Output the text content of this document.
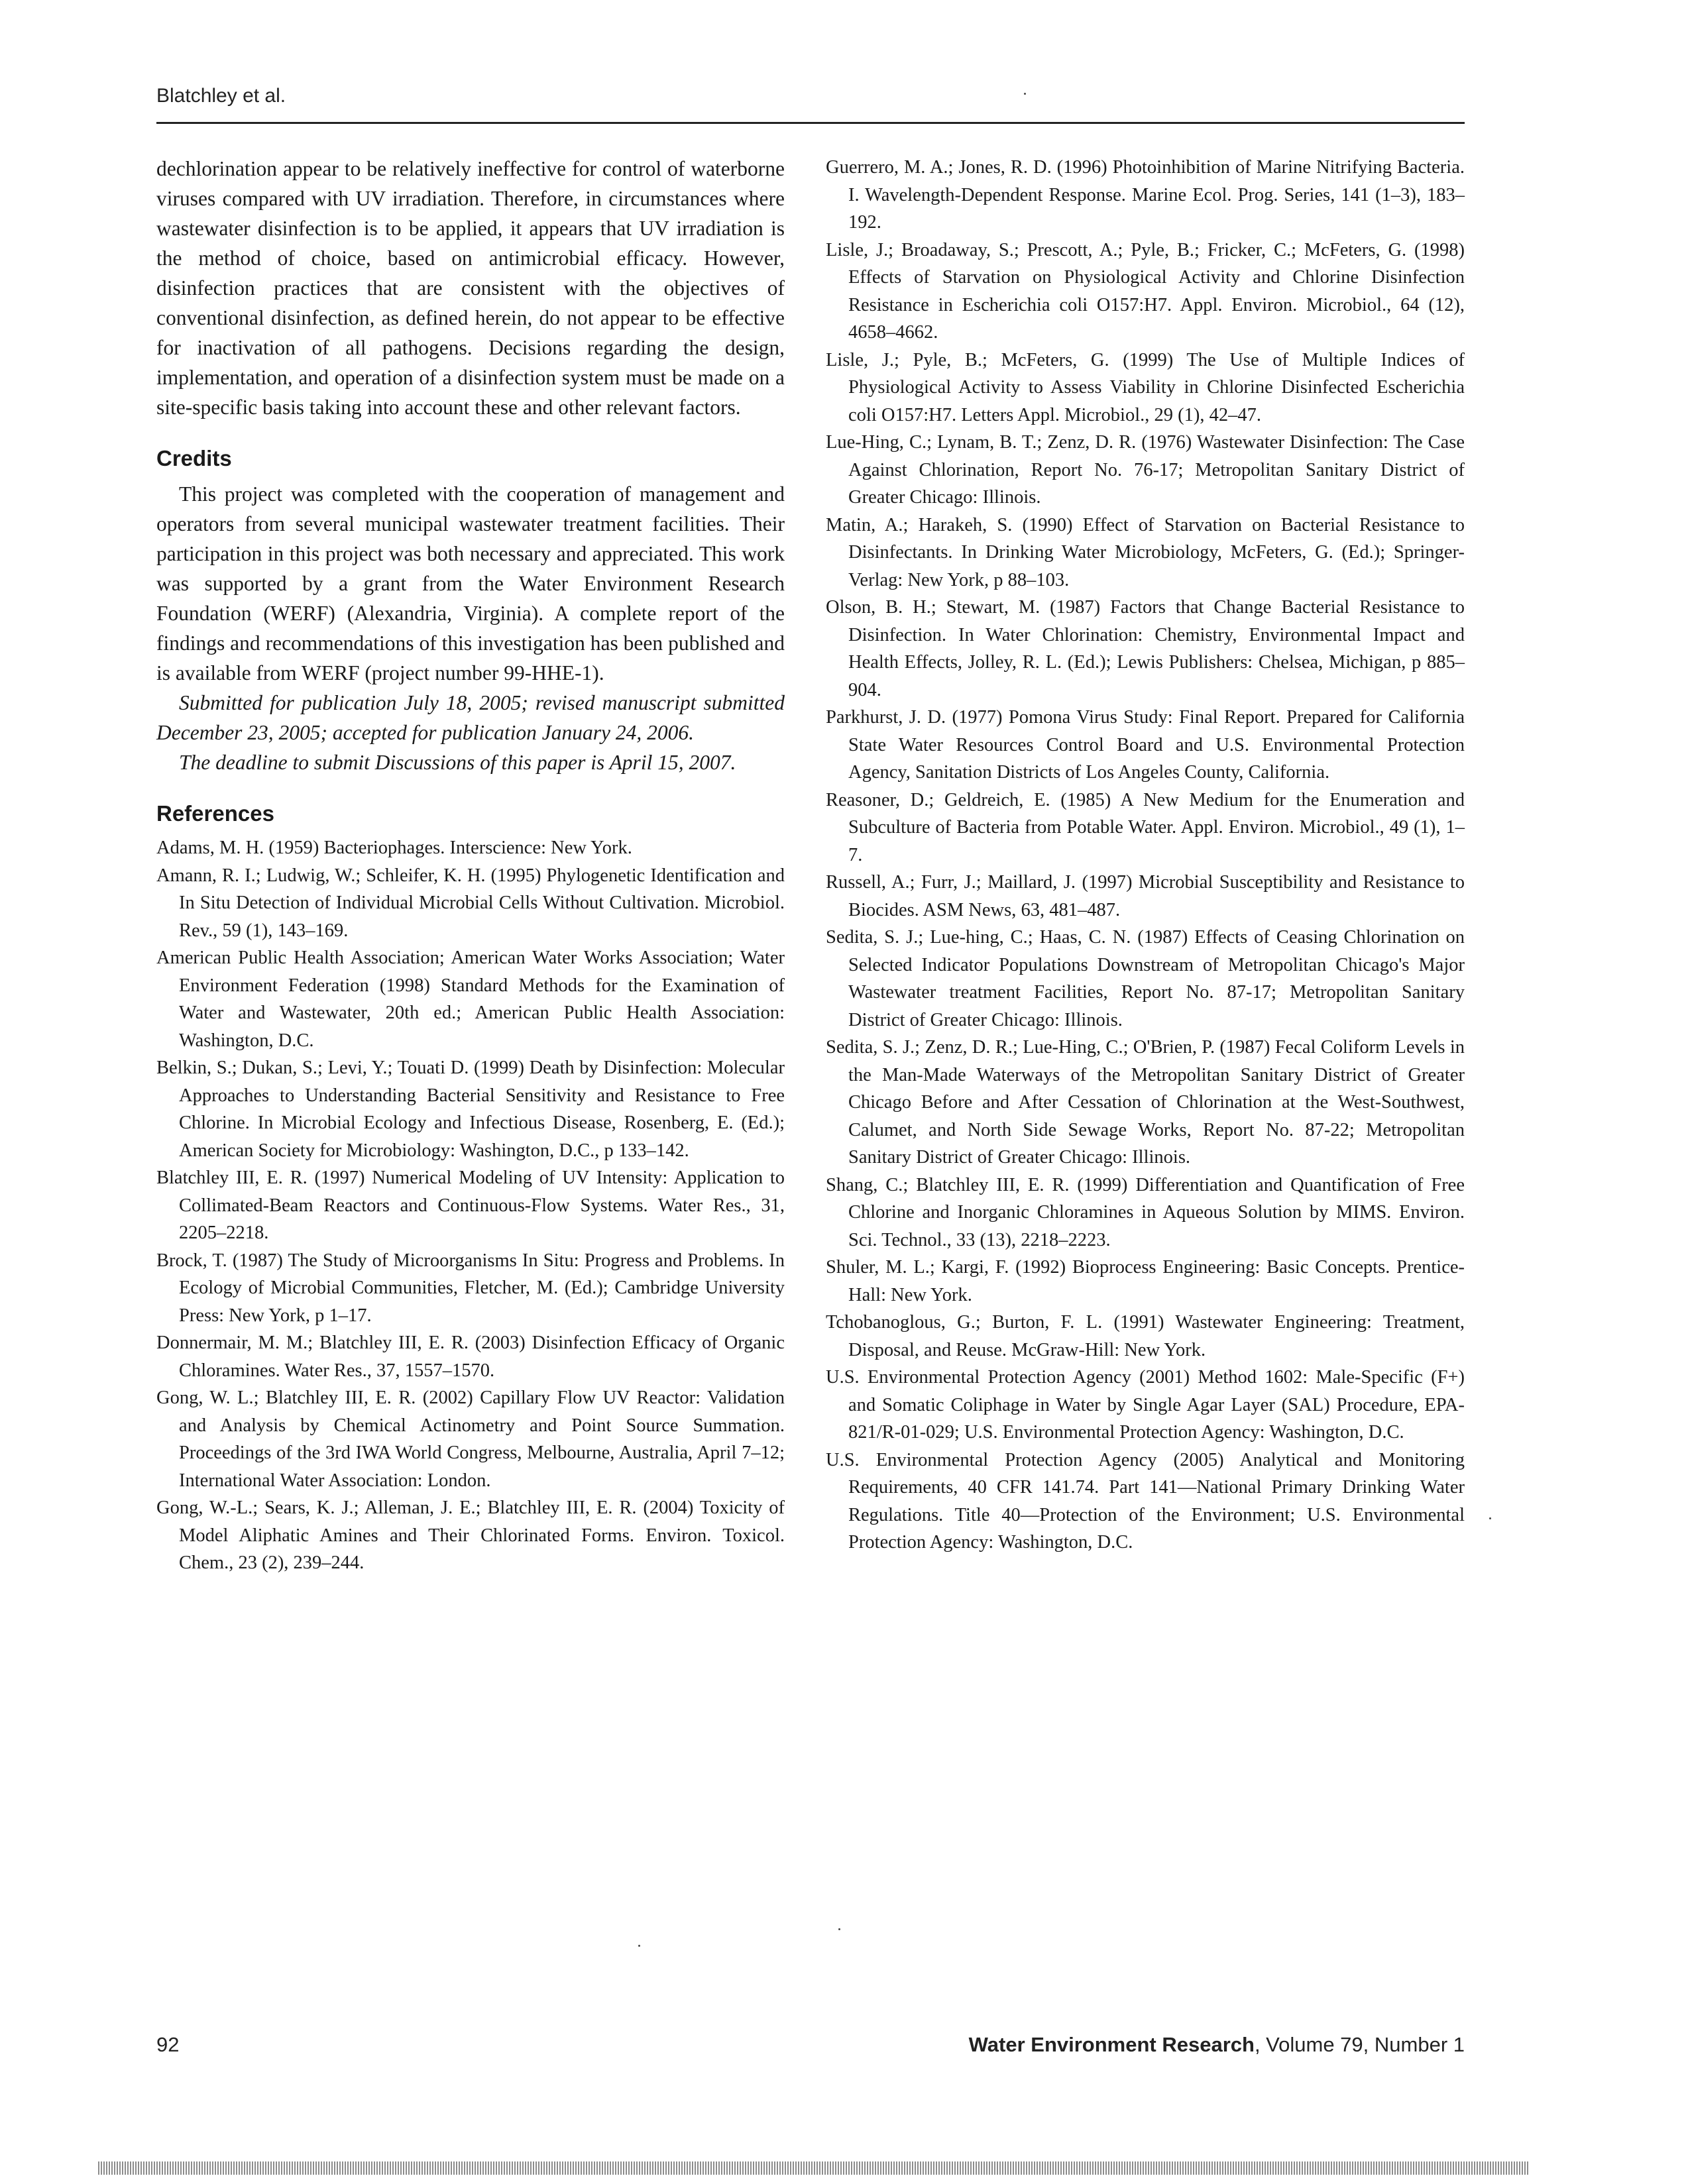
Blatchley et al.

dechlorination appear to be relatively ineffective for control of waterborne viruses compared with UV irradiation. Therefore, in circumstances where wastewater disinfection is to be applied, it appears that UV irradiation is the method of choice, based on antimicrobial efficacy. However, disinfection practices that are consistent with the objectives of conventional disinfection, as defined herein, do not appear to be effective for inactivation of all pathogens. Decisions regarding the design, implementation, and operation of a disinfection system must be made on a site-specific basis taking into account these and other relevant factors.

Credits

This project was completed with the cooperation of management and operators from several municipal wastewater treatment facilities. Their participation in this project was both necessary and appreciated. This work was supported by a grant from the Water Environment Research Foundation (WERF) (Alexandria, Virginia). A complete report of the findings and recommendations of this investigation has been published and is available from WERF (project number 99-HHE-1).

Submitted for publication July 18, 2005; revised manuscript submitted December 23, 2005; accepted for publication January 24, 2006.

The deadline to submit Discussions of this paper is April 15, 2007.

References

Adams, M. H. (1959) Bacteriophages. Interscience: New York.

Amann, R. I.; Ludwig, W.; Schleifer, K. H. (1995) Phylogenetic Identification and In Situ Detection of Individual Microbial Cells Without Cultivation. Microbiol. Rev., 59 (1), 143–169.

American Public Health Association; American Water Works Association; Water Environment Federation (1998) Standard Methods for the Examination of Water and Wastewater, 20th ed.; American Public Health Association: Washington, D.C.

Belkin, S.; Dukan, S.; Levi, Y.; Touati D. (1999) Death by Disinfection: Molecular Approaches to Understanding Bacterial Sensitivity and Resistance to Free Chlorine. In Microbial Ecology and Infectious Disease, Rosenberg, E. (Ed.); American Society for Microbiology: Washington, D.C., p 133–142.

Blatchley III, E. R. (1997) Numerical Modeling of UV Intensity: Application to Collimated-Beam Reactors and Continuous-Flow Systems. Water Res., 31, 2205–2218.

Brock, T. (1987) The Study of Microorganisms In Situ: Progress and Problems. In Ecology of Microbial Communities, Fletcher, M. (Ed.); Cambridge University Press: New York, p 1–17.

Donnermair, M. M.; Blatchley III, E. R. (2003) Disinfection Efficacy of Organic Chloramines. Water Res., 37, 1557–1570.

Gong, W. L.; Blatchley III, E. R. (2002) Capillary Flow UV Reactor: Validation and Analysis by Chemical Actinometry and Point Source Summation. Proceedings of the 3rd IWA World Congress, Melbourne, Australia, April 7–12; International Water Association: London.

Gong, W.-L.; Sears, K. J.; Alleman, J. E.; Blatchley III, E. R. (2004) Toxicity of Model Aliphatic Amines and Their Chlorinated Forms. Environ. Toxicol. Chem., 23 (2), 239–244.

Guerrero, M. A.; Jones, R. D. (1996) Photoinhibition of Marine Nitrifying Bacteria. I. Wavelength-Dependent Response. Marine Ecol. Prog. Series, 141 (1–3), 183–192.

Lisle, J.; Broadaway, S.; Prescott, A.; Pyle, B.; Fricker, C.; McFeters, G. (1998) Effects of Starvation on Physiological Activity and Chlorine Disinfection Resistance in Escherichia coli O157:H7. Appl. Environ. Microbiol., 64 (12), 4658–4662.

Lisle, J.; Pyle, B.; McFeters, G. (1999) The Use of Multiple Indices of Physiological Activity to Assess Viability in Chlorine Disinfected Escherichia coli O157:H7. Letters Appl. Microbiol., 29 (1), 42–47.

Lue-Hing, C.; Lynam, B. T.; Zenz, D. R. (1976) Wastewater Disinfection: The Case Against Chlorination, Report No. 76-17; Metropolitan Sanitary District of Greater Chicago: Illinois.

Matin, A.; Harakeh, S. (1990) Effect of Starvation on Bacterial Resistance to Disinfectants. In Drinking Water Microbiology, McFeters, G. (Ed.); Springer-Verlag: New York, p 88–103.

Olson, B. H.; Stewart, M. (1987) Factors that Change Bacterial Resistance to Disinfection. In Water Chlorination: Chemistry, Environmental Impact and Health Effects, Jolley, R. L. (Ed.); Lewis Publishers: Chelsea, Michigan, p 885–904.

Parkhurst, J. D. (1977) Pomona Virus Study: Final Report. Prepared for California State Water Resources Control Board and U.S. Environmental Protection Agency, Sanitation Districts of Los Angeles County, California.

Reasoner, D.; Geldreich, E. (1985) A New Medium for the Enumeration and Subculture of Bacteria from Potable Water. Appl. Environ. Microbiol., 49 (1), 1–7.

Russell, A.; Furr, J.; Maillard, J. (1997) Microbial Susceptibility and Resistance to Biocides. ASM News, 63, 481–487.

Sedita, S. J.; Lue-hing, C.; Haas, C. N. (1987) Effects of Ceasing Chlorination on Selected Indicator Populations Downstream of Metropolitan Chicago's Major Wastewater treatment Facilities, Report No. 87-17; Metropolitan Sanitary District of Greater Chicago: Illinois.

Sedita, S. J.; Zenz, D. R.; Lue-Hing, C.; O'Brien, P. (1987) Fecal Coliform Levels in the Man-Made Waterways of the Metropolitan Sanitary District of Greater Chicago Before and After Cessation of Chlorination at the West-Southwest, Calumet, and North Side Sewage Works, Report No. 87-22; Metropolitan Sanitary District of Greater Chicago: Illinois.

Shang, C.; Blatchley III, E. R. (1999) Differentiation and Quantification of Free Chlorine and Inorganic Chloramines in Aqueous Solution by MIMS. Environ. Sci. Technol., 33 (13), 2218–2223.

Shuler, M. L.; Kargi, F. (1992) Bioprocess Engineering: Basic Concepts. Prentice-Hall: New York.

Tchobanoglous, G.; Burton, F. L. (1991) Wastewater Engineering: Treatment, Disposal, and Reuse. McGraw-Hill: New York.

U.S. Environmental Protection Agency (2001) Method 1602: Male-Specific (F+) and Somatic Coliphage in Water by Single Agar Layer (SAL) Procedure, EPA-821/R-01-029; U.S. Environmental Protection Agency: Washington, D.C.

U.S. Environmental Protection Agency (2005) Analytical and Monitoring Requirements, 40 CFR 141.74. Part 141—National Primary Drinking Water Regulations. Title 40—Protection of the Environment; U.S. Environmental Protection Agency: Washington, D.C.

92	Water Environment Research, Volume 79, Number 1
